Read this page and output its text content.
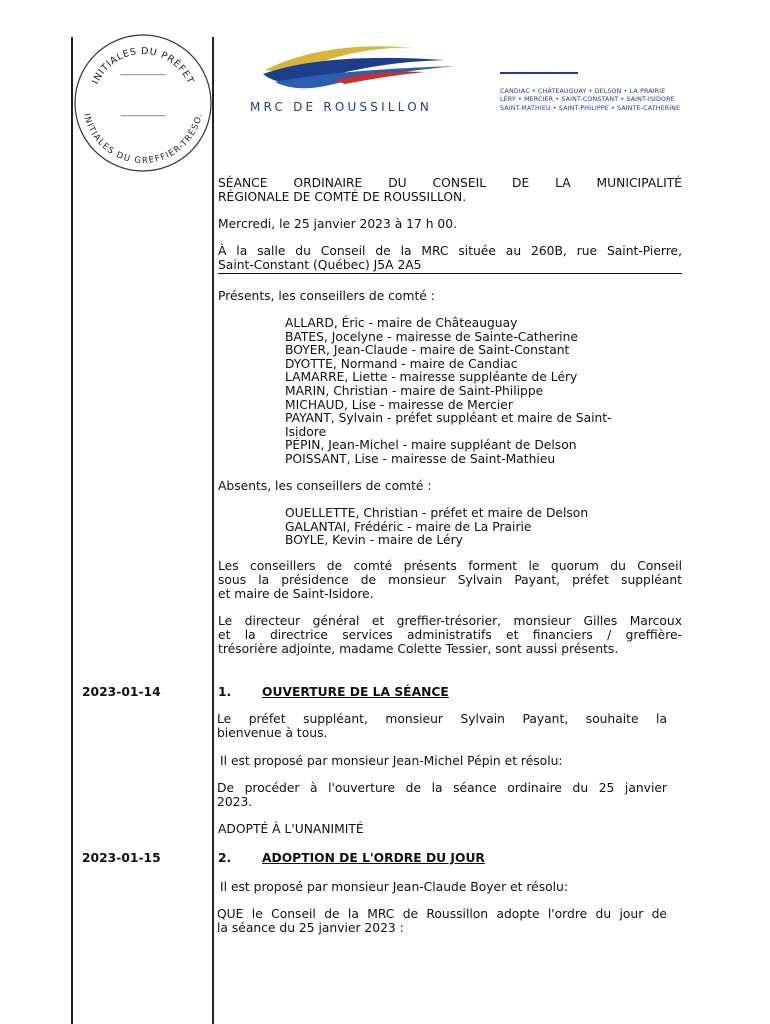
INITIALES DU PRÉFET
INITIALES DU GREFFIER-TRÉSO.
__________
__________	MRC DE ROUSSILLON
CANDIAC • CHÂTEAUGUAY • DELSON • LA PRAIRIE
LÉRY • MERCIER • SAINT-CONSTANT • SAINT-ISIDORE
SAINT-MATHIEU • SAINT-PHILIPPE • SAINTE-CATHERINE
SÉANCE ORDINAIRE DU CONSEIL DE LA MUNICIPALITÉ
RÉGIONALE DE COMTÉ DE ROUSSILLON.
Mercredi, le 25 janvier 2023 à 17 h 00.
À la salle du Conseil de la MRC située au 260B, rue Saint-Pierre,
Saint-Constant (Québec) J5A 2A5
Présents, les conseillers de comté :
ALLARD, Éric - maire de Châteauguay
BATES, Jocelyne - mairesse de Sainte-Catherine
BOYER, Jean-Claude - maire de Saint-Constant
DYOTTE, Normand - maire de Candiac
LAMARRE, Liette - mairesse suppléante de Léry
MARIN, Christian - maire de Saint-Philippe
MICHAUD, Lise - mairesse de Mercier
PAYANT, Sylvain - préfet suppléant et maire de Saint-
Isidore
PÉPIN, Jean-Michel - maire suppléant de Delson
POISSANT, Lise - mairesse de Saint-Mathieu
Absents, les conseillers de comté :
OUELLETTE, Christian - préfet et maire de Delson
GALANTAI, Frédéric - maire de La Prairie
BOYLE, Kevin - maire de Léry
Les conseillers de comté présents forment le quorum du Conseil
sous la présidence de monsieur Sylvain Payant, préfet suppléant
et maire de Saint-Isidore.
Le directeur général et greffier-trésorier, monsieur Gilles Marcoux
et la directrice services administratifs et financiers / greffière-
trésorière adjointe, madame Colette Tessier, sont aussi présents.
2023-01-14	1.	OUVERTURE DE LA SÉANCE
Le préfet suppléant, monsieur Sylvain Payant, souhaite la
bienvenue à tous.
Il est proposé par monsieur Jean-Michel Pépin et résolu:
De procéder à l'ouverture de la séance ordinaire du 25 janvier
2023.
ADOPTÉ À L'UNANIMITÉ
2023-01-15	2.	ADOPTION DE L'ORDRE DU JOUR
Il est proposé par monsieur Jean-Claude Boyer et résolu:
QUE le Conseil de la MRC de Roussillon adopte l'ordre du jour de
la séance du 25 janvier 2023 :
